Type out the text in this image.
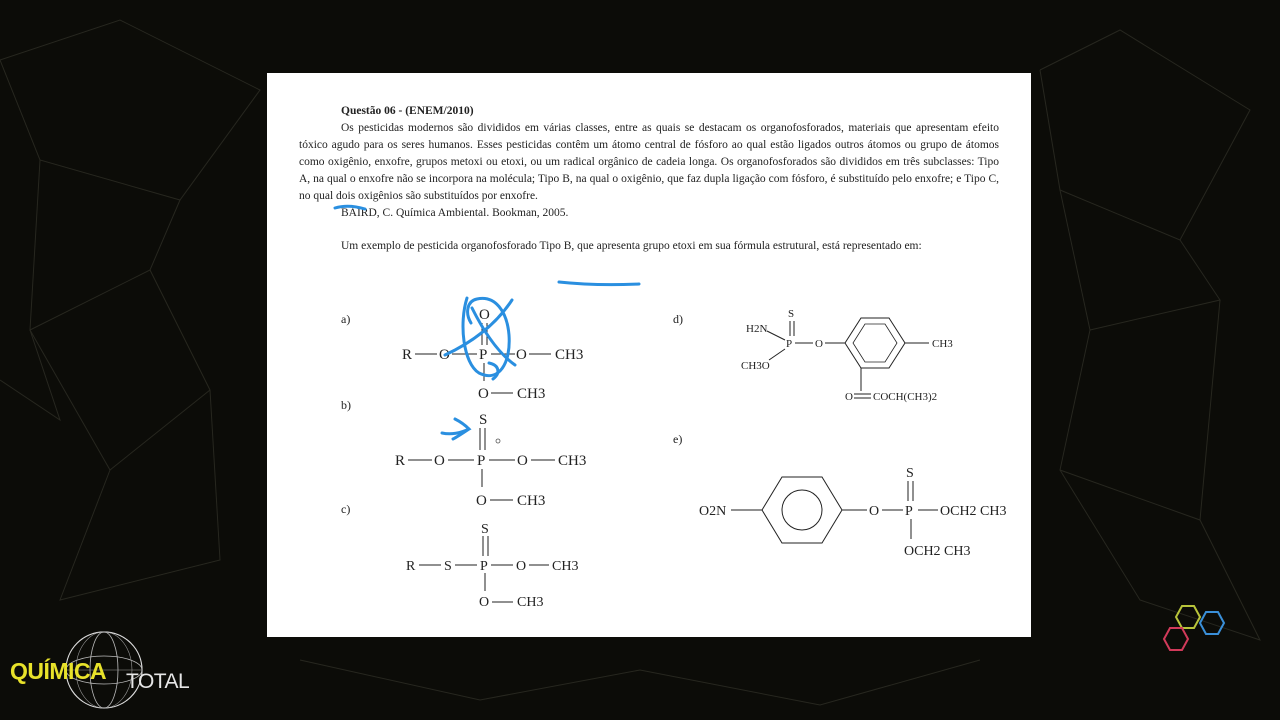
Questão 06 - (ENEM/2010)

Os pesticidas modernos são divididos em várias classes, entre as quais se destacam os organofosforados, materiais que apresentam efeito tóxico agudo para os seres humanos. Esses pesticidas contêm um átomo central de fósforo ao qual estão ligados outros átomos ou grupo de átomos como oxigênio, enxofre, grupos metoxi ou etoxi, ou um radical orgânico de cadeia longa. Os organofosforados são divididos em três subclasses: Tipo A, na qual o enxofre não se incorpora na molécula; Tipo B, na qual o oxigênio, que faz dupla ligação com fósforo, é substituído pelo enxofre; e Tipo C, no qual dois oxigênios são substituídos por enxofre.

BAIRD, C. Química Ambiental. Bookman, 2005.

Um exemplo de pesticida organofosforado Tipo B, que apresenta grupo etoxi em sua fórmula estrutural, está representado em:

a)
b)
c)
d)
e)
R O P O CH3
O
O CH3
R O P O CH3
S
O CH3
R S P O CH3
S
O CH3
S
H2N
P O
CH3O
CH3
O COCH(CH3)2
O2N	O P
S
OCH2 CH3
OCH2 CH3
QUÍMICA TOTAL
